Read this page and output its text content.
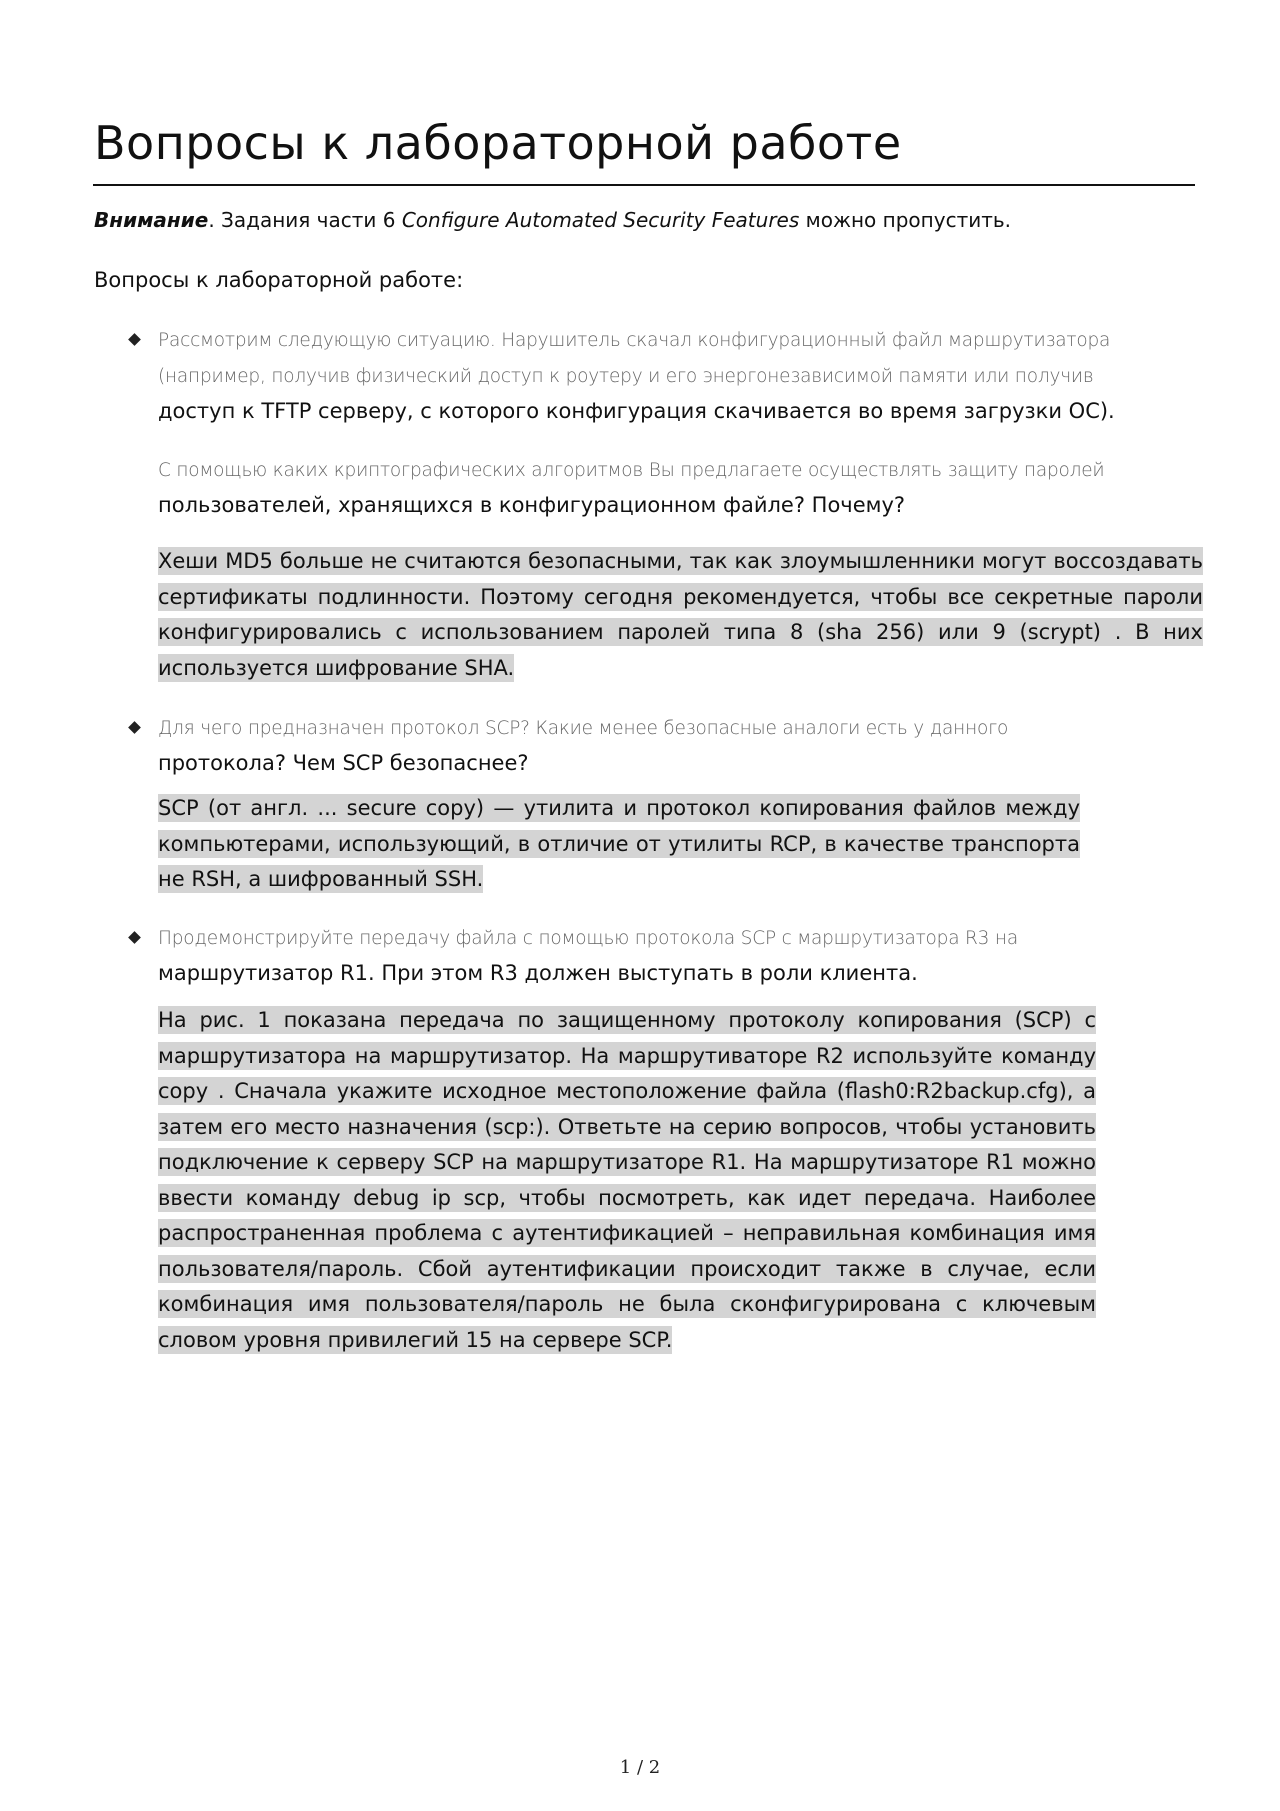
Вопросы к лабораторной работе

Внимание. Задания части 6 Configure Automated Security Features можно пропустить.

Вопросы к лабораторной работе:

Рассмотрим следующую ситуацию. Нарушитель скачал конфигурационный файл маршрутизатора
(например, получив физический доступ к роутеру и его энергонезависимой памяти или получив
доступ к TFTP серверу, с которого конфигурация скачивается во время загрузки ОС).

С помощью каких криптографических алгоритмов Вы предлагаете осуществлять защиту паролей
пользователей, хранящихся в конфигурационном файле? Почему?

Хеши MD5 больше не считаются безопасными, так как злоумышленники могут воссоздавать сертификаты подлинности. Поэтому сегодня рекомендуется, чтобы все секретные пароли конфигурировались с использованием паролей типа 8 (sha 256) или 9 (scrypt) . В них используется шифрование SHA.

Для чего предназначен протокол SCP? Какие менее безопасные аналоги есть у данного
протокола? Чем SCP безопаснее?

SCP (от англ. ... secure copy) — утилита и протокол копирования файлов между компьютерами, использующий, в отличие от утилиты RCP, в качестве транспорта не RSH, а шифрованный SSH.

Продемонстрируйте передачу файла с помощью протокола SCP с маршрутизатора R3 на
маршрутизатор R1. При этом R3 должен выступать в роли клиента.

На рис. 1 показана передача по защищенному протоколу копирования (SCP) с маршрутизатора на маршрутизатор. На маршрутиваторе R2 используйте команду copy . Сначала укажите исходное местоположение файла (flash0:R2backup.cfg), а затем его место назначения (scp:). Ответьте на серию вопросов, чтобы установить подключение к серверу SCP на маршрутизаторе R1. На маршрутизаторе R1 можно ввести команду debug ip scp, чтобы посмотреть, как идет передача. Наиболее распространенная проблема с аутентификацией – неправильная комбинация имя пользователя/пароль. Сбой аутентификации происходит также в случае, если комбинация имя пользователя/пароль не была сконфигурирована с ключевым словом уровня привилегий 15 на сервере SCP.

1 / 2
